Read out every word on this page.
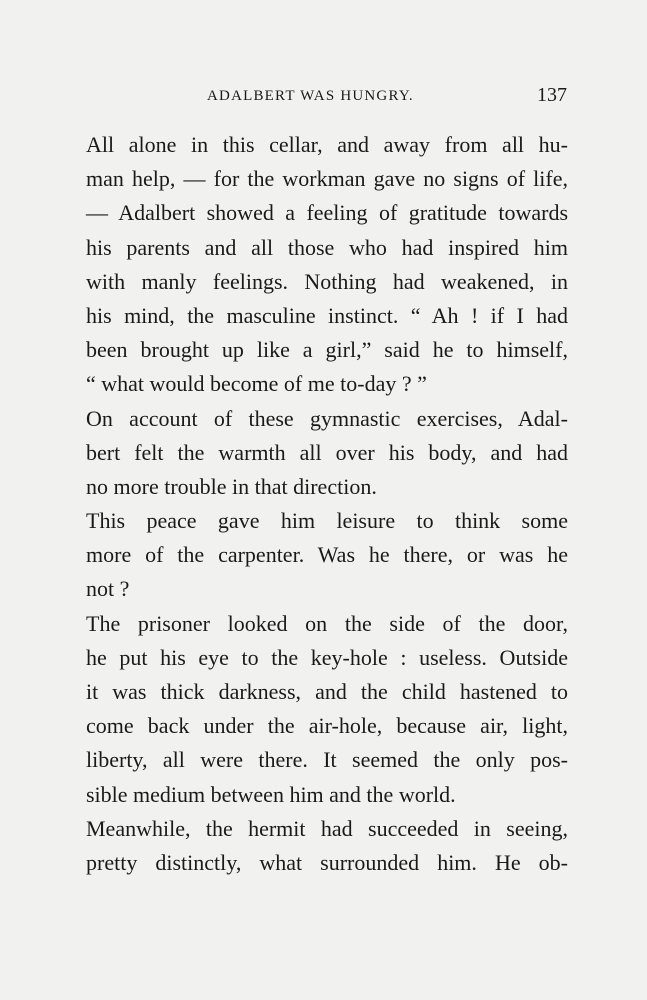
ADALBERT WAS HUNGRY.	137
All alone in this cellar, and away from all hu-
man help, — for the workman gave no signs of life,
— Adalbert showed a feeling of gratitude towards
his parents and all those who had inspired him
with manly feelings. Nothing had weakened, in
his mind, the masculine instinct. “ Ah ! if I had
been brought up like a girl,” said he to himself,
“ what would become of me to-day ? ”
On account of these gymnastic exercises, Adal-
bert felt the warmth all over his body, and had
no more trouble in that direction.
This peace gave him leisure to think some
more of the carpenter. Was he there, or was he
not ?
The prisoner looked on the side of the door,
he put his eye to the key-hole : useless. Outside
it was thick darkness, and the child hastened to
come back under the air-hole, because air, light,
liberty, all were there. It seemed the only pos-
sible medium between him and the world.
Meanwhile, the hermit had succeeded in seeing,
pretty distinctly, what surrounded him. He ob-
